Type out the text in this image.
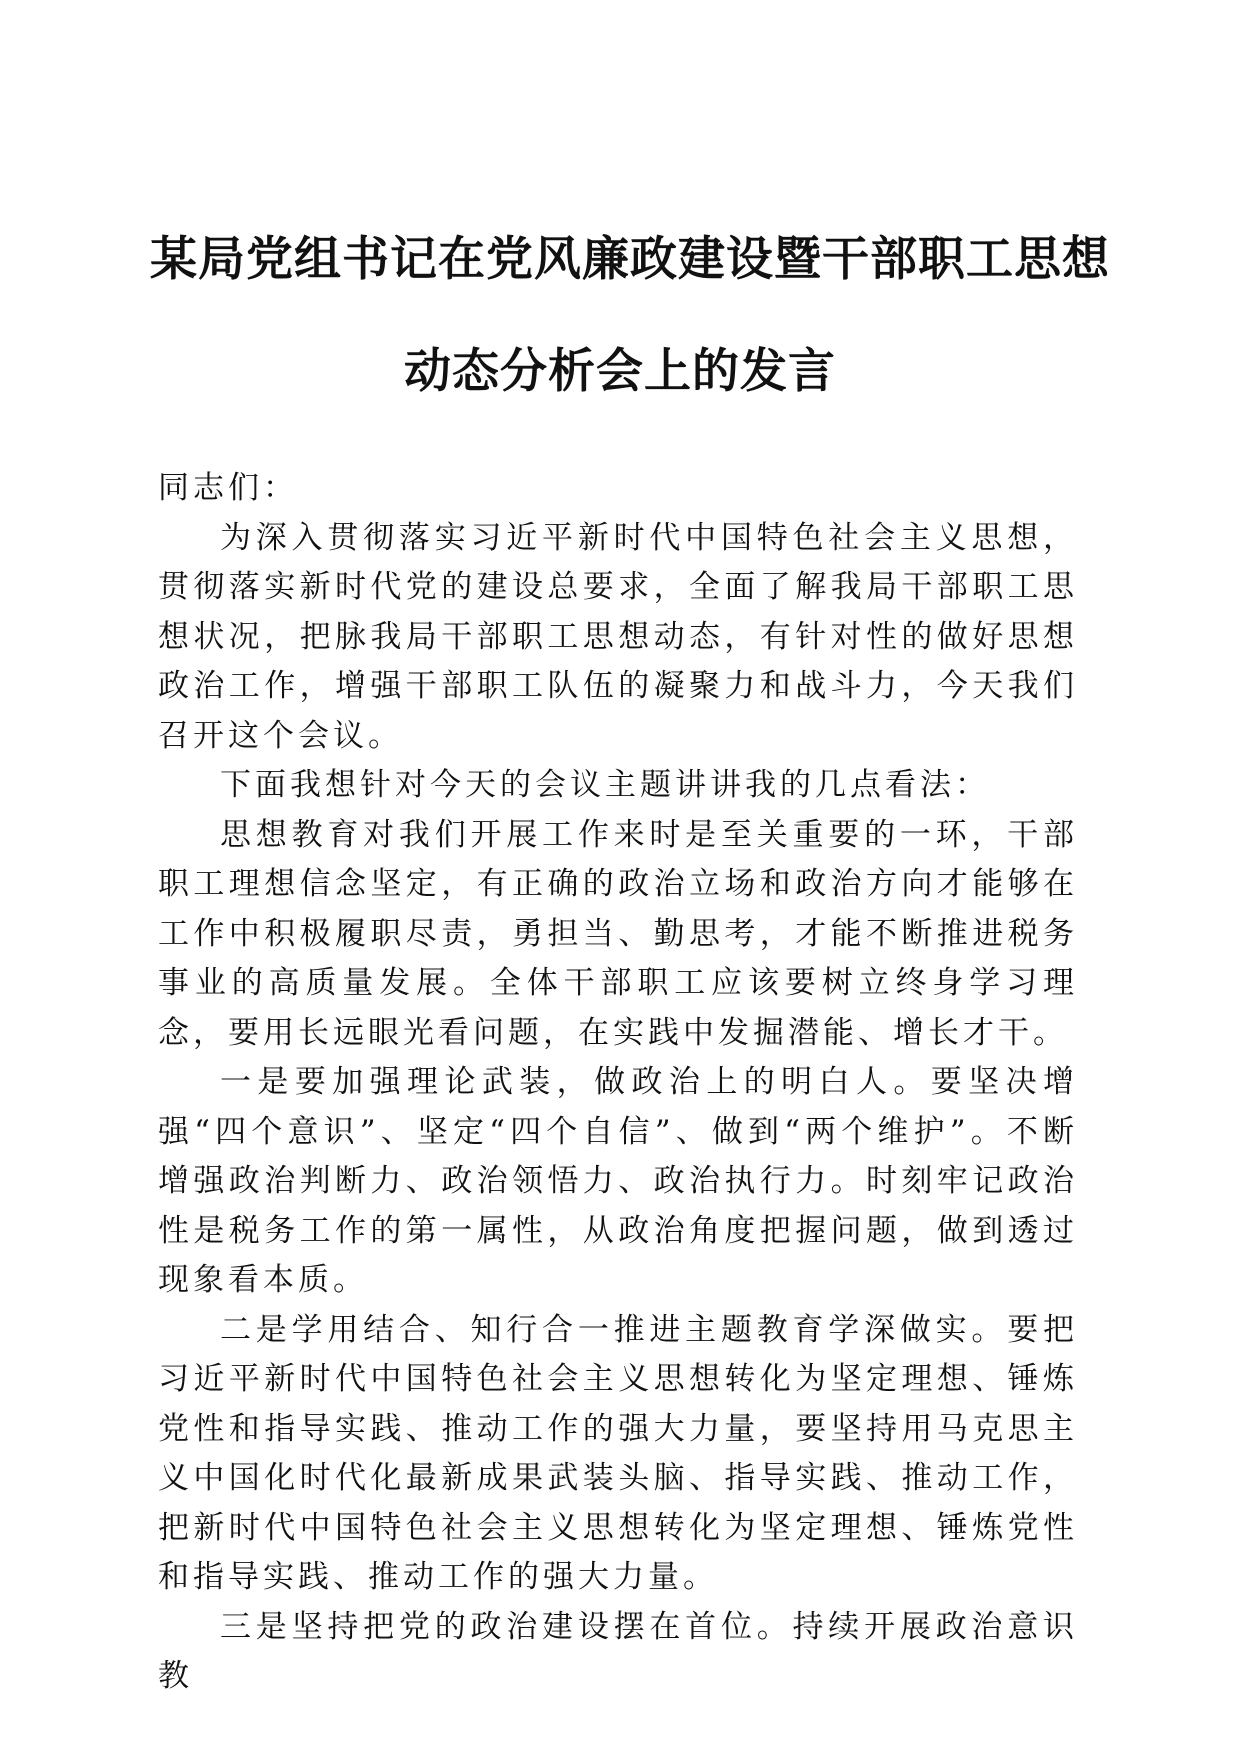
某局党组书记在党风廉政建设暨干部职工思想
动态分析会上的发言

同志们：

为深入贯彻落实习近平新时代中国特色社会主义思想，贯彻落实新时代党的建设总要求，全面了解我局干部职工思想状况，把脉我局干部职工思想动态，有针对性的做好思想政治工作，增强干部职工队伍的凝聚力和战斗力，今天我们召开这个会议。

下面我想针对今天的会议主题讲讲我的几点看法：

思想教育对我们开展工作来时是至关重要的一环，干部职工理想信念坚定，有正确的政治立场和政治方向才能够在工作中积极履职尽责，勇担当、勤思考，才能不断推进税务事业的高质量发展。全体干部职工应该要树立终身学习理念，要用长远眼光看问题，在实践中发掘潜能、增长才干。

一是要加强理论武装，做政治上的明白人。要坚决增强“四个意识”、坚定“四个自信”、做到“两个维护”。不断增强政治判断力、政治领悟力、政治执行力。时刻牢记政治性是税务工作的第一属性，从政治角度把握问题，做到透过现象看本质。

二是学用结合、知行合一推进主题教育学深做实。要把习近平新时代中国特色社会主义思想转化为坚定理想、锤炼党性和指导实践、推动工作的强大力量，要坚持用马克思主义中国化时代化最新成果武装头脑、指导实践、推动工作，把新时代中国特色社会主义思想转化为坚定理想、锤炼党性和指导实践、推动工作的强大力量。

三是坚持把党的政治建设摆在首位。持续开展政治意识教
